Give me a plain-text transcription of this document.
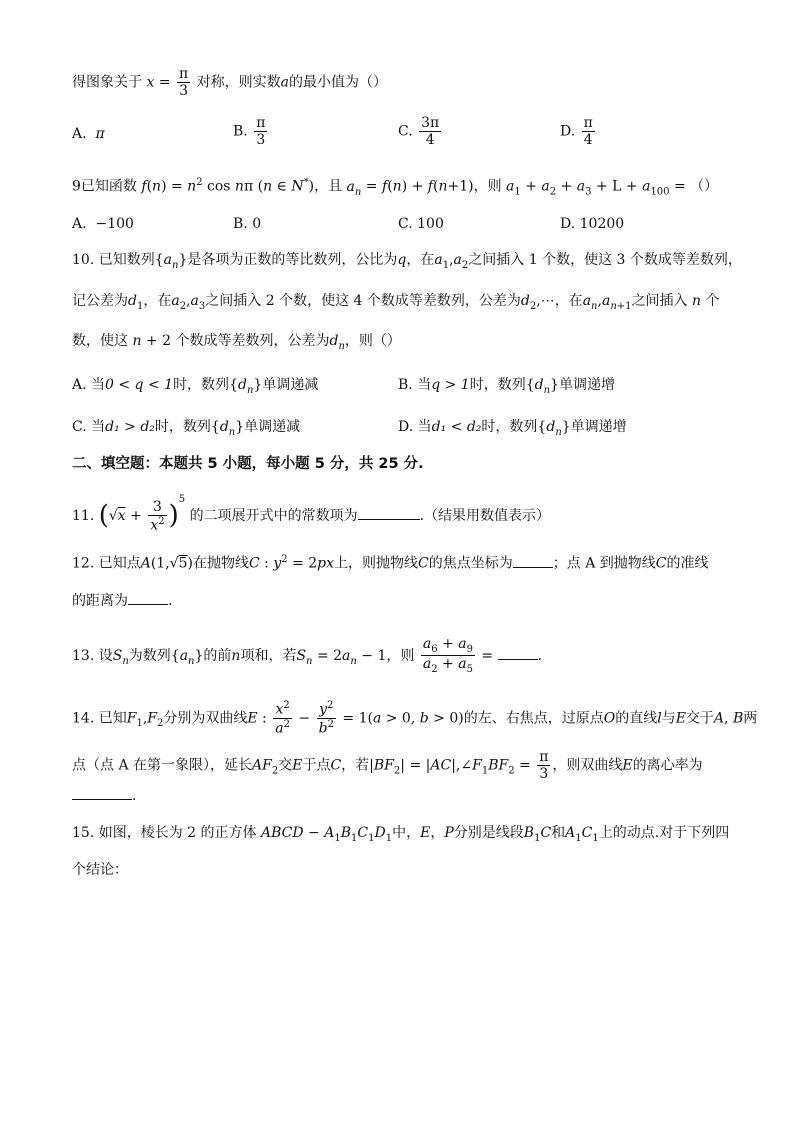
得图象关于 $x = \frac{\pi}{3}$ 对称，则实数a的最小值为（）
A. π	B. $\frac{\pi}{3}$	C. $\frac{3\pi}{4}$	D. $\frac{\pi}{4}$
9已知函数 $f(n) = n^2$ cos nπ (n ∈ N*)，且 $a_n = f(n) + f(n+1)$，则 $a_1 + a_2 + a_3 + L + a_{100}$ = （）
A. −100	B. 0	C. 100	D. 10200
10. 已知数列$\{a_n\}$是各项为正数的等比数列，公比为q，在$a_1,a_2$之间插入 1 个数，使这 3 个数成等差数列，
记公差为$d_1$，在$a_2,a_3$之间插入 2 个数，使这 4 个数成等差数列，公差为$d_2,\cdots$，在$a_n,a_{n+1}$之间插入 n 个
数，使这 n + 2 个数成等差数列，公差为$d_n$，则（）
A. 当0 < q < 1时，数列$\{d_n\}$单调递减	B. 当q > 1时，数列$\{d_n\}$单调递增
C. 当d₁ > d₂时，数列$\{d_n\}$单调递减	D. 当d₁ < d₂时，数列$\{d_n\}$单调递增
二、填空题：本题共 5 小题，每小题 5 分，共 25 分.
11. $(√x + \frac{3}{x^2} )^5$ 的二项展开式中的常数项为	.（结果用数值表示）
12. 已知点A(1,√5)在抛物线C : $y^2 = 2px$上，则抛物线C的焦点坐标为	；点 A 到抛物线C的准线
的距离为	.
13. 设$S_n$为数列$\{a_n\}$的前n项和，若$S_n = 2a_n - 1$，则 $\frac{a_6 + a_9}{a_2 + a_5}$ =	.
14. 已知$F_1,F_2$分别为双曲线E : $\frac{x^2}{a^2} - \frac{y^2}{b^2} = 1(a > 0$, b > 0)的左、右焦点，过原点O的直线l与E交于A, B两
点（点 A 在第一象限），延长$AF_2$交E于点C，若$|BF_2|$ = $|AC|,\angle F_1BF_2 = \frac{\pi}{3}$ ，则双曲线E的离心率为
.
15. 如图，棱长为 2 的正方体 ABCD − $A_1B_1C_1D_1$中，E，P分别是线段$B_1C$和$A_1C_1$上的动点.对于下列四
个结论：
